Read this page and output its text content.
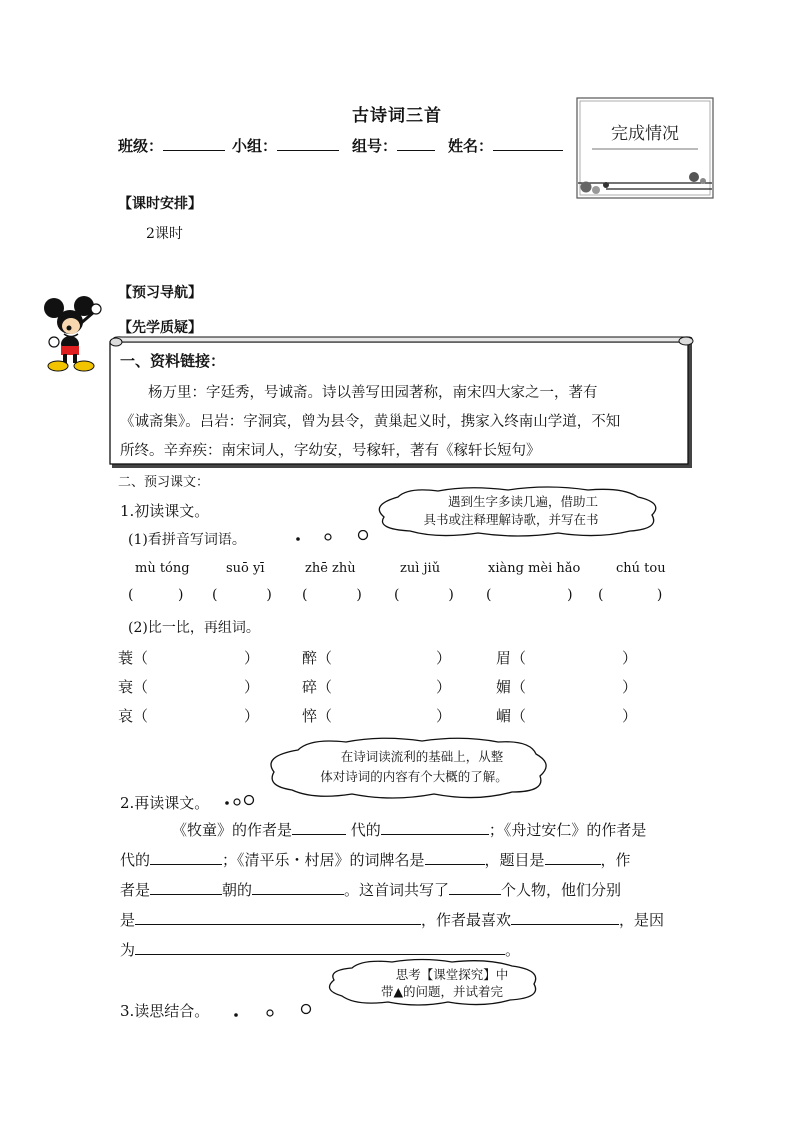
古诗词三首
班级：	小组：	组号：	姓名：
完成情况
【课时安排】
2课时
【预习导航】
【先学质疑】
一、资料链接：
杨万里：字廷秀，号诚斋。诗以善写田园著称，南宋四大家之一，著有
《诚斋集》。吕岩：字洞宾，曾为县令，黄巢起义时，携家入终南山学道，不知
所终。辛弃疾：南宋词人，字幼安，号稼轩，著有《稼轩长短句》
二、预习课文：
1.初读课文。
(1)看拼音写词语。
遇到生字多读几遍，借助工
具书或注释理解诗歌，并写在书
mù tóng	suō yī	zhē zhù	zuì jiǔ	xiàng mèi hǎo	chú tou
(          ) (           ) (           ) (           ) (                 ) (            )
(2)比一比，再组词。
蓑（	）	醉（	）	眉（	）
衰（	）	碎（	）	媚（	）
哀（	）	悴（	）	嵋（	）
在诗词读流利的基础上，从整
体对诗词的内容有个大概的了解。
2.再读课文。
《牧童》的作者是	代的	；《舟过安仁》的作者是
代的	；《清平乐・村居》的词牌名是	，题目是	，作
者是	朝的	。这首词共写了	个人物，他们分别
是	，作者最喜欢	，是因
为	。
思考【课堂探究】中
带▲的问题，并试着完
3.读思结合。
